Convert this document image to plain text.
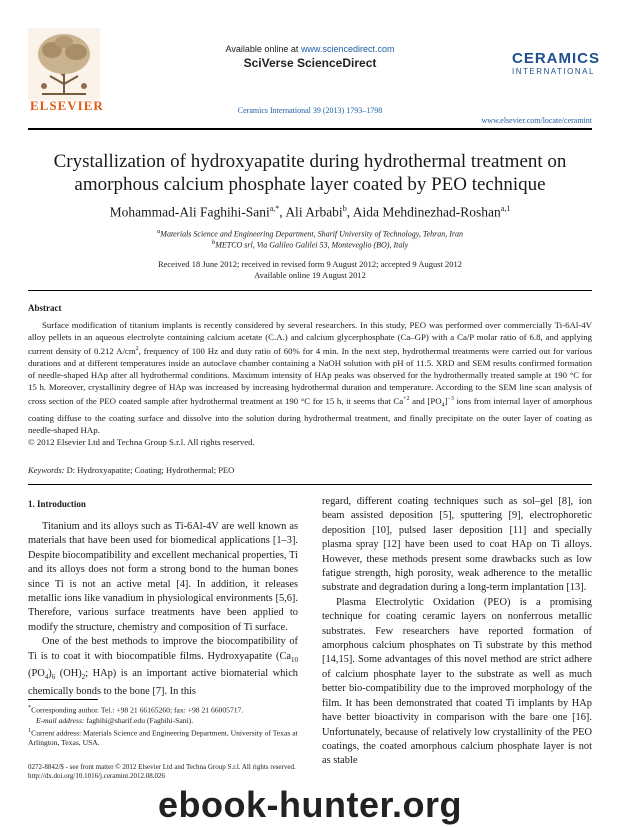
ELSEVIER
Available online at www.sciencedirect.com
SciVerse ScienceDirect
Ceramics International 39 (2013) 1793–1798
CERAMICS
INTERNATIONAL
www.elsevier.com/locate/ceramint
Crystallization of hydroxyapatite during hydrothermal treatment on amorphous calcium phosphate layer coated by PEO technique
Mohammad-Ali Faghihi-Sani$^{a,*}$, Ali Arbabi$^b$, Aida Mehdinezhad-Roshan$^{a,1}$
$^a$Materials Science and Engineering Department, Sharif University of Technology, Tehran, Iran
$^b$METCO srl, Via Galileo Galilei 53, Monteveglio (BO), Italy
Received 18 June 2012; received in revised form 9 August 2012; accepted 9 August 2012
Available online 19 August 2012
Abstract

Surface modification of titanium implants is recently considered by several researchers. In this study, PEO was performed over commercially Ti-6Al-4V alloy pellets in an aqueous electrolyte containing calcium acetate (C.A.) and calcium glycerphosphate (Ca–GP) with a Ca/P molar ratio of 6.8, and applying current density of 0.212 $A/cm^2$, frequency of 100 Hz and duty ratio of 60% for 4 min. In the next step, hydrothermal treatments were carried out for various durations and at different temperatures inside an autoclave chamber containing a NaOH solution with pH of 11.5. XRD and SEM results confirmed formation of needle-shaped HAp after all hydrothermal conditions. Maximum intensity of HAp peaks was observed for the hydrothermally treated sample at 190 °C for 15 h. Moreover, crystallinity degree of HAp was increased by increasing hydrothermal duration and temperature. According to the SEM line scan analysis of cross section of the PEO coated sample after hydrothermal treatment at 190 °C for 15 h, it seems that $Ca^{+2}$ and $[PO_4]^{-3}$ ions from internal layer of amorphous coating diffuse to the coating surface and dissolve into the solution during hydrothermal treatment, and finally precipitate on the outer layer of coating as needle-shaped HAp.

© 2012 Elsevier Ltd and Techna Group S.r.l. All rights reserved.
Keywords: D: Hydroxyapatite; Coating; Hydrothermal; PEO
1. Introduction

Titanium and its alloys such as Ti-6Al-4V are well known as materials that have been used for biomedical applications [1–3]. Despite biocompatibility and excellent mechanical properties, Ti and its alloys does not form a strong bond to the human bones since Ti is not an active metal [4]. In addition, it releases metallic ions like vanadium in physiological environments [5,6]. Therefore, various surface treatments have been applied to modify the structure, chemistry and composition of Ti surface.

One of the best methods to improve the biocompatibility of Ti is to coat it with biocompatible films. Hydroxyapatite ($Ca_{10}$ $(PO_4)_6$ $(OH)_2$; HAp) is an important active biomaterial which chemically bonds to the bone [7]. In this

*Corresponding author. Tel.: +98 21 66165260; fax: +98 21 66005717.
E-mail address: faghihi@sharif.edu (Faghihi-Sani).
$^1$Current address: Materials Science and Engineering Department, University of Texas at Arlington, Texas, USA.

regard, different coating techniques such as sol–gel [8], ion beam assisted deposition [5], sputtering [9], electrophoretic deposition [10], pulsed laser deposition [11] and specially plasma spray [12] have been used to coat HAp on Ti alloys. However, these methods present some drawbacks such as low fatigue strength, high porosity, weak adherence to the metallic substrate and degradation during a long-term implantation [13].

Plasma Electrolytic Oxidation (PEO) is a promising technique for coating ceramic layers on nonferrous metallic substrates. Few researchers have reported formation of amorphous calcium phosphates on Ti substrate by this method [14,15]. Some advantages of this novel method are strict adhere of calcium phosphate layer to the substrate as well as much better bio-compatibility due to the improved morphology of the film. It has been demonstrated that coated Ti implants by HAp have better bioactivity in comparison with the bare one [16]. Unfortunately, because of relatively low crystallinity of the PEO coatings, the coated amorphous calcium phosphate layer is not as stable

0272-8842/$ - see front matter © 2012 Elsevier Ltd and Techna Group S.r.l. All rights reserved.
http://dx.doi.org/10.1016/j.ceramint.2012.08.026
ebook-hunter.org
